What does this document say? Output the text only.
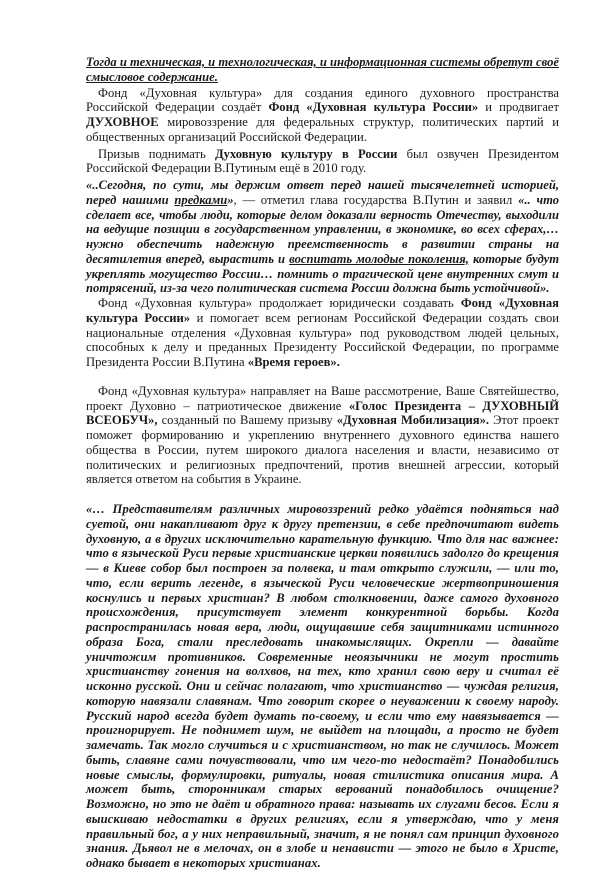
Тогда и техническая, и технологическая, и информационная системы обретут своё смысловое содержание.

Фонд «Духовная культура» для создания единого духовного пространства Российской Федерации создаёт Фонд «Духовная культура России» и продвигает ДУХОВНОЕ мировоззрение для федеральных структур, политических партий и общественных организаций Российской Федерации.

Призыв поднимать Духовную культуру в России был озвучен Президентом Российской Федерации В.Путиным ещё в 2010 году.

«..Сегодня, по сути, мы держим ответ перед нашей тысячелетней историей, перед нашими предками», — отметил глава государства В.Путин и заявил «.. что сделает все, чтобы люди, которые делом доказали верность Отечеству, выходили на ведущие позиции в государственном управлении, в экономике, во всех сферах,… нужно обеспечить надежную преемственность в развитии страны на десятилетия вперед, вырастить и воспитать молодые поколения, которые будут укреплять могущество России… помнить о трагической цене внутренних смут и потрясений, из-за чего политическая система России должна быть устойчивой».

Фонд «Духовная культура» продолжает юридически создавать Фонд «Духовная культура России» и помогает всем регионам Российской Федерации создать свои национальные отделения «Духовная культура» под руководством людей цельных, способных к делу и преданных Президенту Российской Федерации, по программе Президента России В.Путина «Время героев».

Фонд «Духовная культура» направляет на Ваше рассмотрение, Ваше Святейшество, проект Духовно – патриотическое движение «Голос Президента – ДУХОВНЫЙ ВСЕОБУЧ», созданный по Вашему призыву «Духовная Мобилизация». Этот проект поможет формированию и укреплению внутреннего духовного единства нашего общества в России, путем широкого диалога населения и власти, независимо от политических и религиозных предпочтений, против внешней агрессии, который является ответом на события в Украине.

«… Представителям различных мировоззрений редко удаётся подняться над суетой, они накапливают друг к другу претензии, в себе предпочитают видеть духовную, а в других исключительно карательную функцию. Что для нас важнее: что в языческой Руси первые христианские церкви появились задолго до крещения — в Киеве собор был построен за полвека, и там открыто служили, — или то, что, если верить легенде, в языческой Руси человеческие жертвоприношения коснулись и первых христиан? В любом столкновении, даже самого духовного происхождения, присутствует элемент конкурентной борьбы. Когда распространилась новая вера, люди, ощущавшие себя защитниками истинного образа Бога, стали преследовать инакомыслящих. Окрепли — давайте уничтожим противников. Современные неоязычники не могут простить христианству гонения на волхвов, на тех, кто хранил свою веру и считал её исконно русской. Они и сейчас полагают, что христианство — чуждая религия, которую навязали славянам. Что говорит скорее о неуважении к своему народу. Русский народ всегда будет думать по-своему, и если что ему навязывается — проигнорирует. Не поднимет шум, не выйдет на площади, а просто не будет замечать. Так могло случиться и с христианством, но так не случилось. Может быть, славяне сами почувствовали, что им чего-то недостаёт? Понадобились новые смыслы, формулировки, ритуалы, новая стилистика описания мира. А может быть, сторонникам старых верований понадобилось очищение? Возможно, но это не даёт и обратного права: называть их слугами бесов. Если я выискиваю недостатки в других религиях, если я утверждаю, что у меня правильный бог, а у них неправильный, значит, я не понял сам принцип духовного знания. Дьявол не в мелочах, он в злобе и ненависти — этого не было в Христе, однако бывает в некоторых христианах.
